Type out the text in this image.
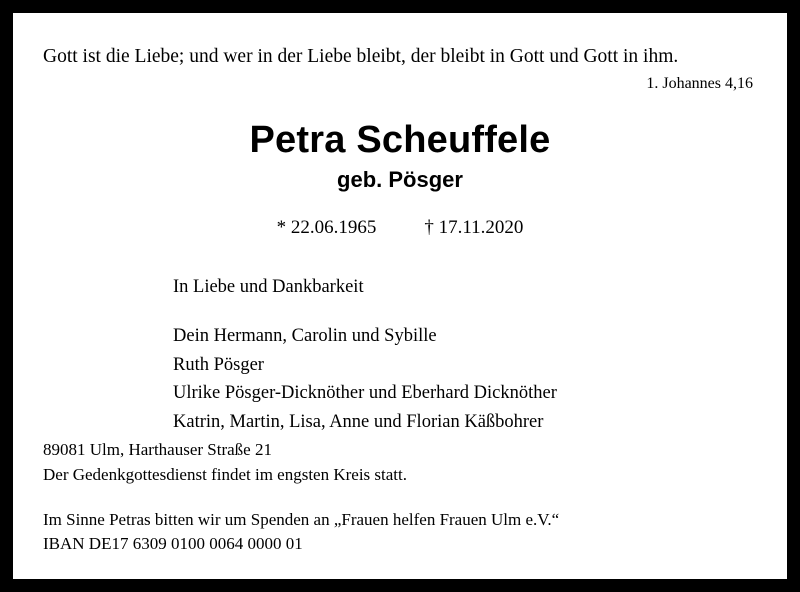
Gott ist die Liebe; und wer in der Liebe bleibt, der bleibt in Gott und Gott in ihm.
1. Johannes 4,16
Petra Scheuffele
geb. Pösger
* 22.06.1965	† 17.11.2020
In Liebe und Dankbarkeit
Dein Hermann, Carolin und Sybille
Ruth Pösger
Ulrike Pösger-Dicknöther und Eberhard Dicknöther
Katrin, Martin, Lisa, Anne und Florian Käßbohrer
89081 Ulm, Harthauser Straße 21
Der Gedenkgottesdienst findet im engsten Kreis statt.
Im Sinne Petras bitten wir um Spenden an „Frauen helfen Frauen Ulm e.V.“
IBAN DE17 6309 0100 0064 0000 01
